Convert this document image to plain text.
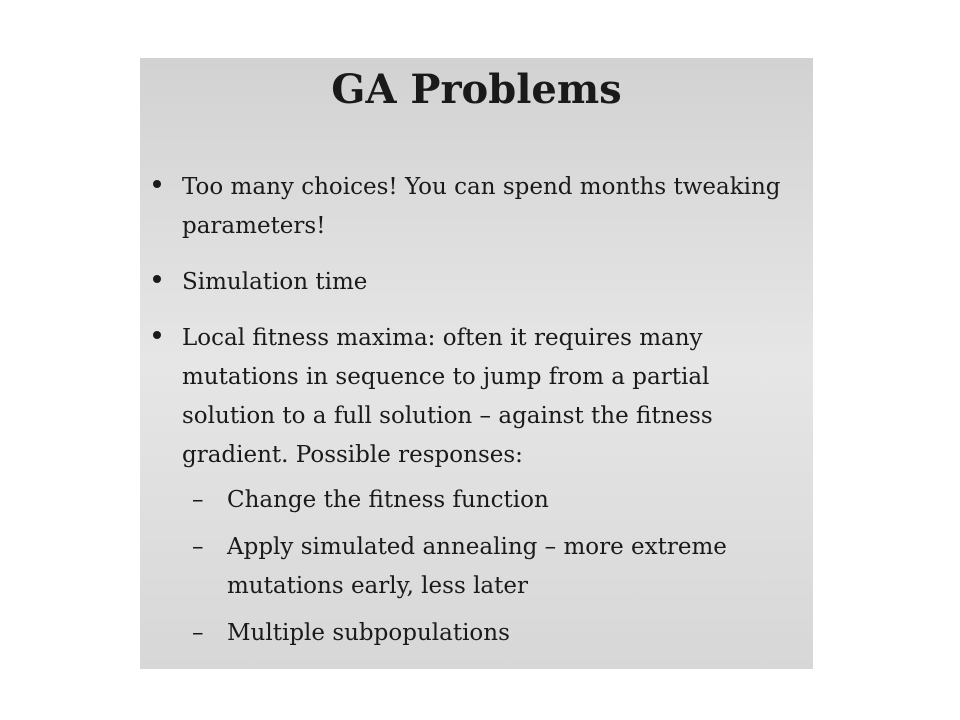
GA Problems
Too many choices! You can spend months tweaking parameters!
Simulation time
Local fitness maxima: often it requires many mutations in sequence to jump from a partial solution to a full solution – against the fitness gradient. Possible responses:
– Change the fitness function
– Apply simulated annealing – more extreme mutations early, less later
– Multiple subpopulations
